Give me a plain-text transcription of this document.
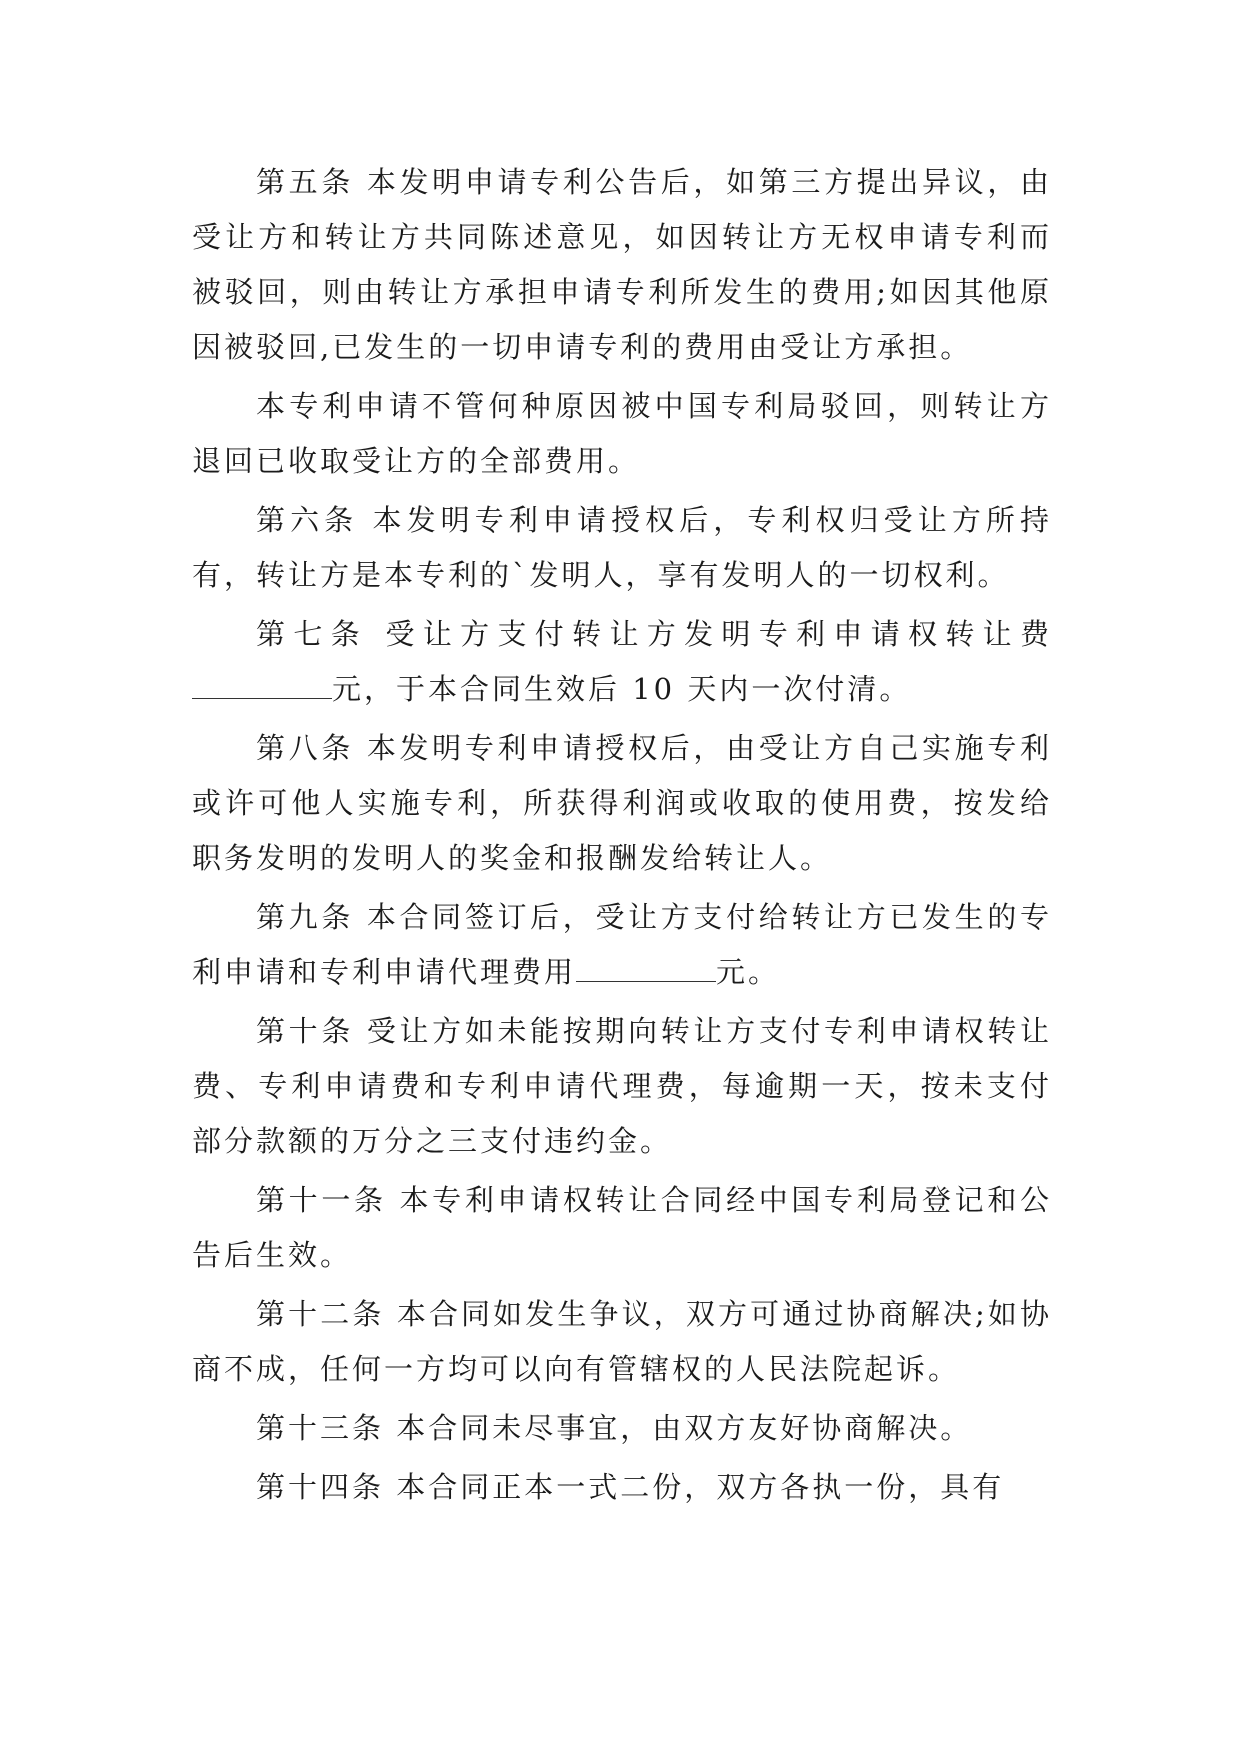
第五条 本发明申请专利公告后，如第三方提出异议，由受让方和转让方共同陈述意见，如因转让方无权申请专利而被驳回，则由转让方承担申请专利所发生的费用;如因其他原因被驳回,已发生的一切申请专利的费用由受让方承担。

本专利申请不管何种原因被中国专利局驳回，则转让方退回已收取受让方的全部费用。

第六条 本发明专利申请授权后，专利权归受让方所持有，转让方是本专利的`发明人，享有发明人的一切权利。

第七条 受让方支付转让方发明专利申请权转让费元，于本合同生效后 10 天内一次付清。

第八条 本发明专利申请授权后，由受让方自己实施专利或许可他人实施专利，所获得利润或收取的使用费，按发给职务发明的发明人的奖金和报酬发给转让人。

第九条 本合同签订后，受让方支付给转让方已发生的专利申请和专利申请代理费用	元。

第十条 受让方如未能按期向转让方支付专利申请权转让费、专利申请费和专利申请代理费，每逾期一天，按未支付部分款额的万分之三支付违约金。

第十一条 本专利申请权转让合同经中国专利局登记和公告后生效。

第十二条 本合同如发生争议，双方可通过协商解决;如协商不成，任何一方均可以向有管辖权的人民法院起诉。

第十三条 本合同未尽事宜，由双方友好协商解决。

第十四条 本合同正本一式二份，双方各执一份，具有
